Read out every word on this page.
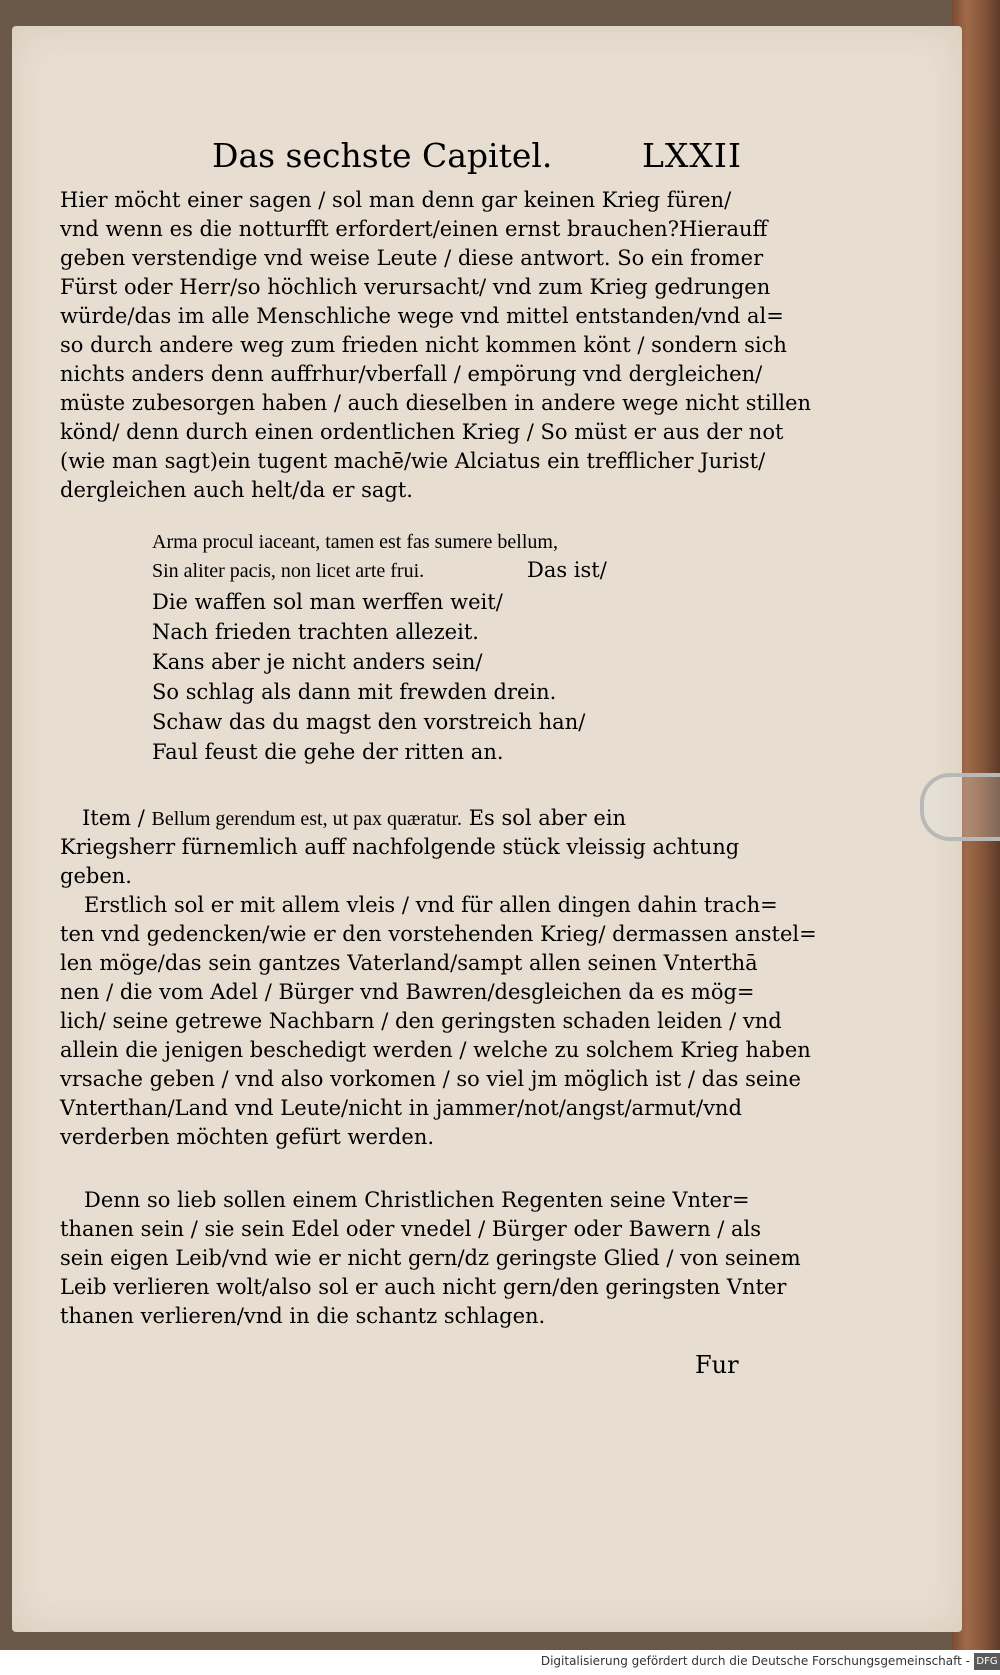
Das sechste Capitel.	LXXII
Hier möcht einer sagen / sol man denn gar keinen Krieg füren/
vnd wenn es die notturfft erfordert/einen ernst brauchen?Hierauff
geben verstendige vnd weise Leute / diese antwort. So ein fromer
Fürst oder Herr/so höchlich verursacht/ vnd zum Krieg gedrungen
würde/das im alle Menschliche wege vnd mittel entstanden/vnd al=
so durch andere weg zum frieden nicht kommen könt / sondern sich
nichts anders denn auffrhur/vberfall / empörung vnd dergleichen/
müste zubesorgen haben / auch dieselben in andere wege nicht stillen
könd/ denn durch einen ordentlichen Krieg / So müst er aus der not
(wie man sagt)ein tugent machē/wie Alciatus ein trefflicher Jurist/
dergleichen auch helt/da er sagt.
Arma procul iaceant, tamen est fas sumere bellum,
Sin aliter pacis, non licet arte frui.	Das ist/
Die waffen sol man werffen weit/
Nach frieden trachten allezeit.
Kans aber je nicht anders sein/
So schlag als dann mit frewden drein.
Schaw das du magst den vorstreich han/
Faul feust die gehe der ritten an.
Item / Bellum gerendum est, ut pax quæratur. Es sol aber ein
Kriegsherr fürnemlich auff nachfolgende stück vleissig achtung
geben.
Erstlich sol er mit allem vleis / vnd für allen dingen dahin trach=
ten vnd gedencken/wie er den vorstehenden Krieg/ dermassen anstel=
len möge/das sein gantzes Vaterland/sampt allen seinen Vnterthā
nen / die vom Adel / Bürger vnd Bawren/desgleichen da es mög=
lich/ seine getrewe Nachbarn / den geringsten schaden leiden / vnd
allein die jenigen beschedigt werden / welche zu solchem Krieg haben
vrsache geben / vnd also vorkomen / so viel jm möglich ist / das seine
Vnterthan/Land vnd Leute/nicht in jammer/not/angst/armut/vnd
verderben möchten gefürt werden.
Denn so lieb sollen einem Christlichen Regenten seine Vnter=
thanen sein / sie sein Edel oder vnedel / Bürger oder Bawern / als
sein eigen Leib/vnd wie er nicht gern/dz geringste Glied / von seinem
Leib verlieren wolt/also sol er auch nicht gern/den geringsten Vnter
thanen verlieren/vnd in die schantz schlagen.
Fur
Digitalisierung gefördert durch die Deutsche Forschungsgemeinschaft - DFG
